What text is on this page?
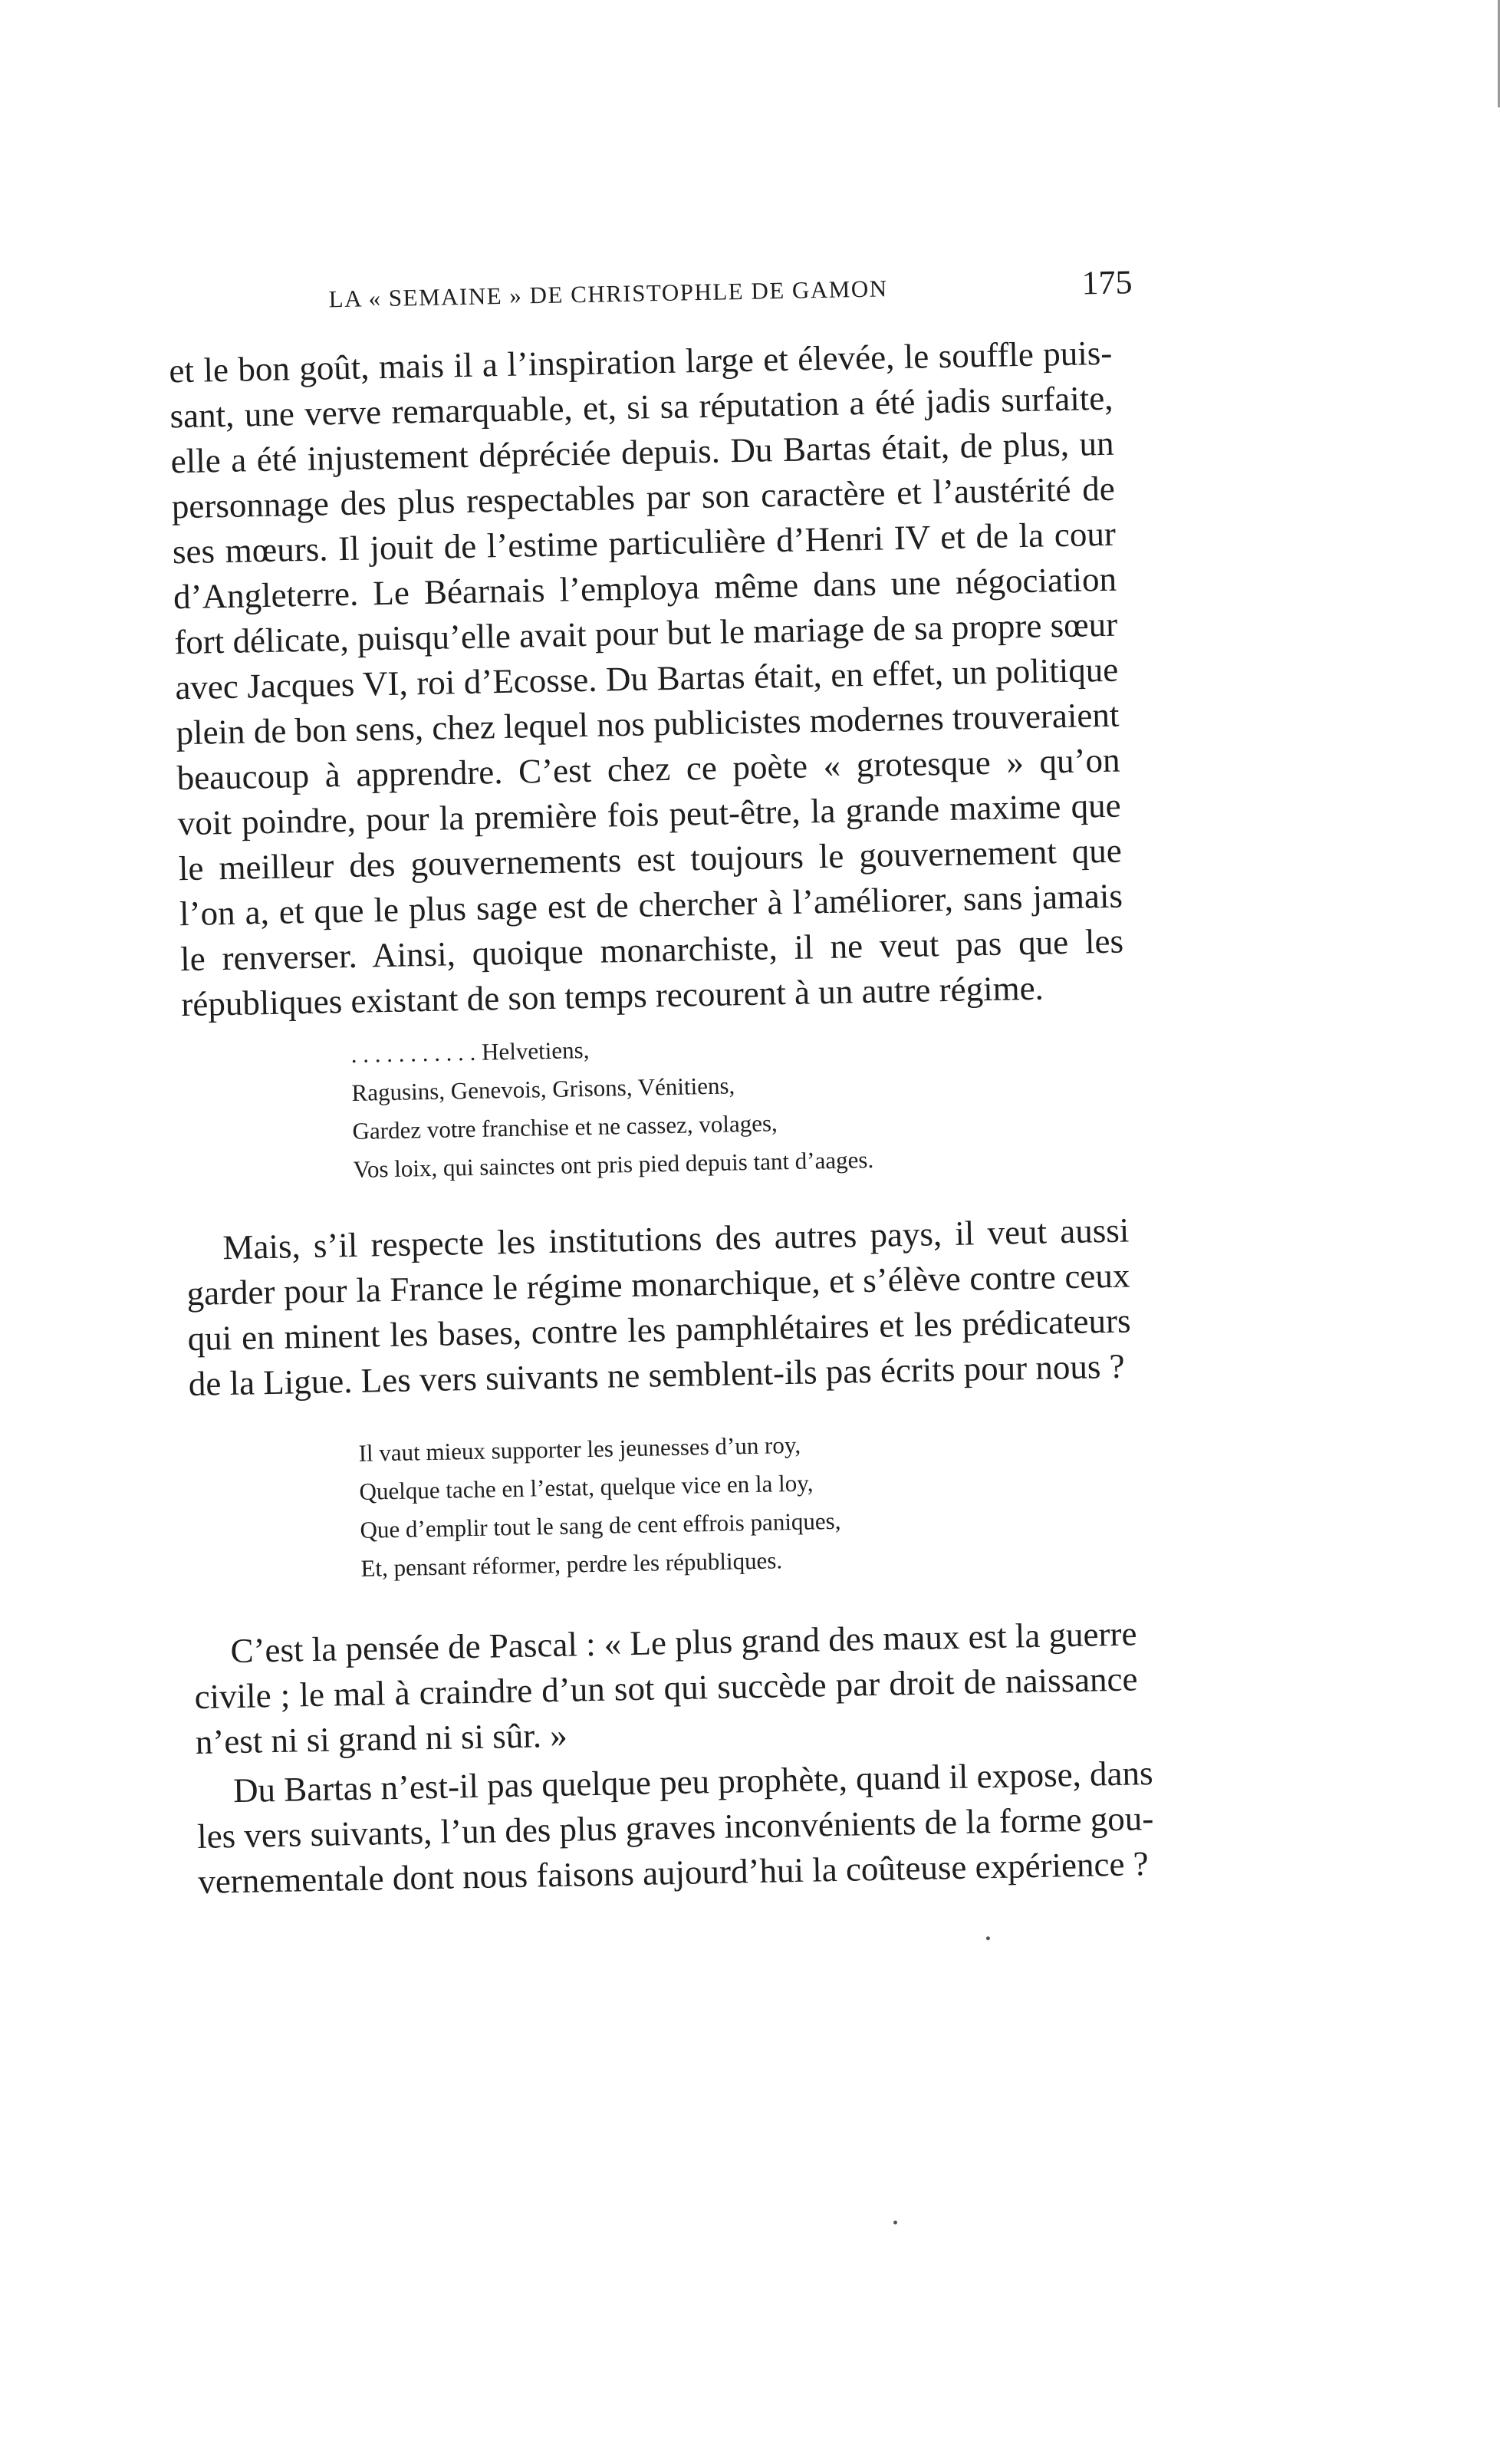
LA « SEMAINE » DE CHRISTOPHLE DE GAMON	175
et le bon goût, mais il a l’inspiration large et élevée, le souffle puis-
sant, une verve remarquable, et, si sa réputation a été jadis surfaite,
elle a été injustement dépréciée depuis. Du Bartas était, de plus, un
personnage des plus respectables par son caractère et l’austérité de
ses mœurs. Il jouit de l’estime particulière d’Henri IV et de la cour
d’Angleterre. Le Béarnais l’employa même dans une négociation
fort délicate, puisqu’elle avait pour but le mariage de sa propre sœur
avec Jacques VI, roi d’Ecosse. Du Bartas était, en effet, un politique
plein de bon sens, chez lequel nos publicistes modernes trouveraient
beaucoup à apprendre. C’est chez ce poète « grotesque » qu’on
voit poindre, pour la première fois peut-être, la grande maxime que
le meilleur des gouvernements est toujours le gouvernement que
l’on a, et que le plus sage est de chercher à l’améliorer, sans jamais
le renverser. Ainsi, quoique monarchiste, il ne veut pas que les
républiques existant de son temps recourent à un autre régime.
. . . . . . . . . . . Helvetiens,
Ragusins, Genevois, Grisons, Vénitiens,
Gardez votre franchise et ne cassez, volages,
Vos loix, qui sainctes ont pris pied depuis tant d’aages.
Mais, s’il respecte les institutions des autres pays, il veut aussi
garder pour la France le régime monarchique, et s’élève contre ceux
qui en minent les bases, contre les pamphlétaires et les prédicateurs
de la Ligue. Les vers suivants ne semblent-ils pas écrits pour nous ?
Il vaut mieux supporter les jeunesses d’un roy,
Quelque tache en l’estat, quelque vice en la loy,
Que d’emplir tout le sang de cent effrois paniques,
Et, pensant réformer, perdre les républiques.
C’est la pensée de Pascal : « Le plus grand des maux est la guerre
civile ; le mal à craindre d’un sot qui succède par droit de naissance
n’est ni si grand ni si sûr. »
Du Bartas n’est-il pas quelque peu prophète, quand il expose, dans
les vers suivants, l’un des plus graves inconvénients de la forme gou-
vernementale dont nous faisons aujourd’hui la coûteuse expérience ?
